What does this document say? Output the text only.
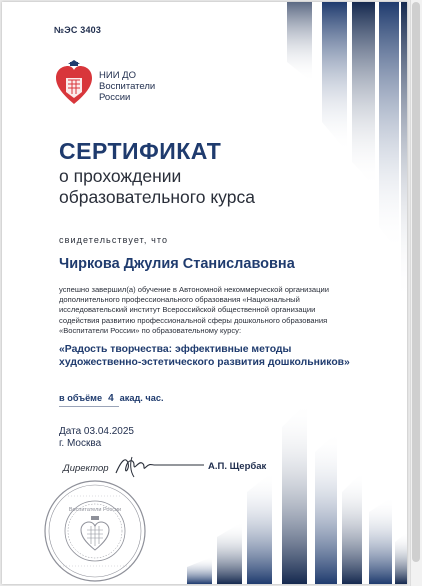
№ЭС 3403
НИИ ДО
Воспитатели
России
СЕРТИФИКАТ
о прохождении
образовательного курса
свидетельствует, что
Чиркова Джулия Станиславовна
успешно завершил(а) обучение в Автономной некоммерческой организации
дополнительного профессионального образования «Национальный
исследовательский институт Всероссийской общественной организации
содействия развитию профессиональной сферы дошкольного образования
«Воспитатели России» по образовательному курсу:
«Радость творчества: эффективные методы
художественно-эстетического развития дошкольников»
в объёме 4 акад. час.
Дата 03.04.2025
г. Москва
Директор	А.П. Щербак
Воспитатели России
